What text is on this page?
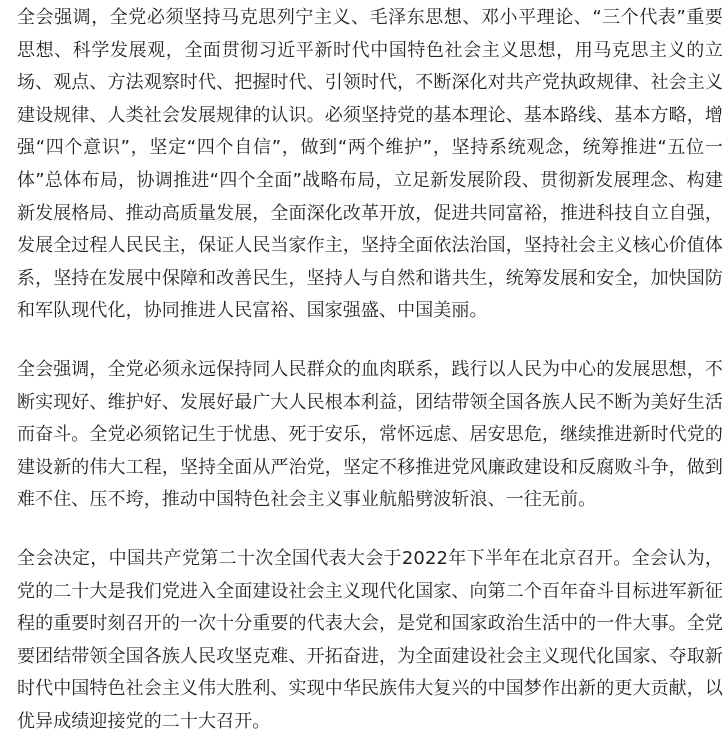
全会强调，全党必须坚持马克思列宁主义、毛泽东思想、邓小平理论、“三个代表”重要思想、科学发展观，全面贯彻习近平新时代中国特色社会主义思想，用马克思主义的立场、观点、方法观察时代、把握时代、引领时代，不断深化对共产党执政规律、社会主义建设规律、人类社会发展规律的认识。必须坚持党的基本理论、基本路线、基本方略，增强“四个意识”，坚定“四个自信”，做到“两个维护”，坚持系统观念，统筹推进“五位一体”总体布局，协调推进“四个全面”战略布局，立足新发展阶段、贯彻新发展理念、构建新发展格局、推动高质量发展，全面深化改革开放，促进共同富裕，推进科技自立自强，发展全过程人民民主，保证人民当家作主，坚持全面依法治国，坚持社会主义核心价值体系，坚持在发展中保障和改善民生，坚持人与自然和谐共生，统筹发展和安全，加快国防和军队现代化，协同推进人民富裕、国家强盛、中国美丽。

全会强调，全党必须永远保持同人民群众的血肉联系，践行以人民为中心的发展思想，不断实现好、维护好、发展好最广大人民根本利益，团结带领全国各族人民不断为美好生活而奋斗。全党必须铭记生于忧患、死于安乐，常怀远虑、居安思危，继续推进新时代党的建设新的伟大工程，坚持全面从严治党，坚定不移推进党风廉政建设和反腐败斗争，做到难不住、压不垮，推动中国特色社会主义事业航船劈波斩浪、一往无前。

全会决定，中国共产党第二十次全国代表大会于2022年下半年在北京召开。全会认为，党的二十大是我们党进入全面建设社会主义现代化国家、向第二个百年奋斗目标进军新征程的重要时刻召开的一次十分重要的代表大会，是党和国家政治生活中的一件大事。全党要团结带领全国各族人民攻坚克难、开拓奋进，为全面建设社会主义现代化国家、夺取新时代中国特色社会主义伟大胜利、实现中华民族伟大复兴的中国梦作出新的更大贡献，以优异成绩迎接党的二十大召开。
